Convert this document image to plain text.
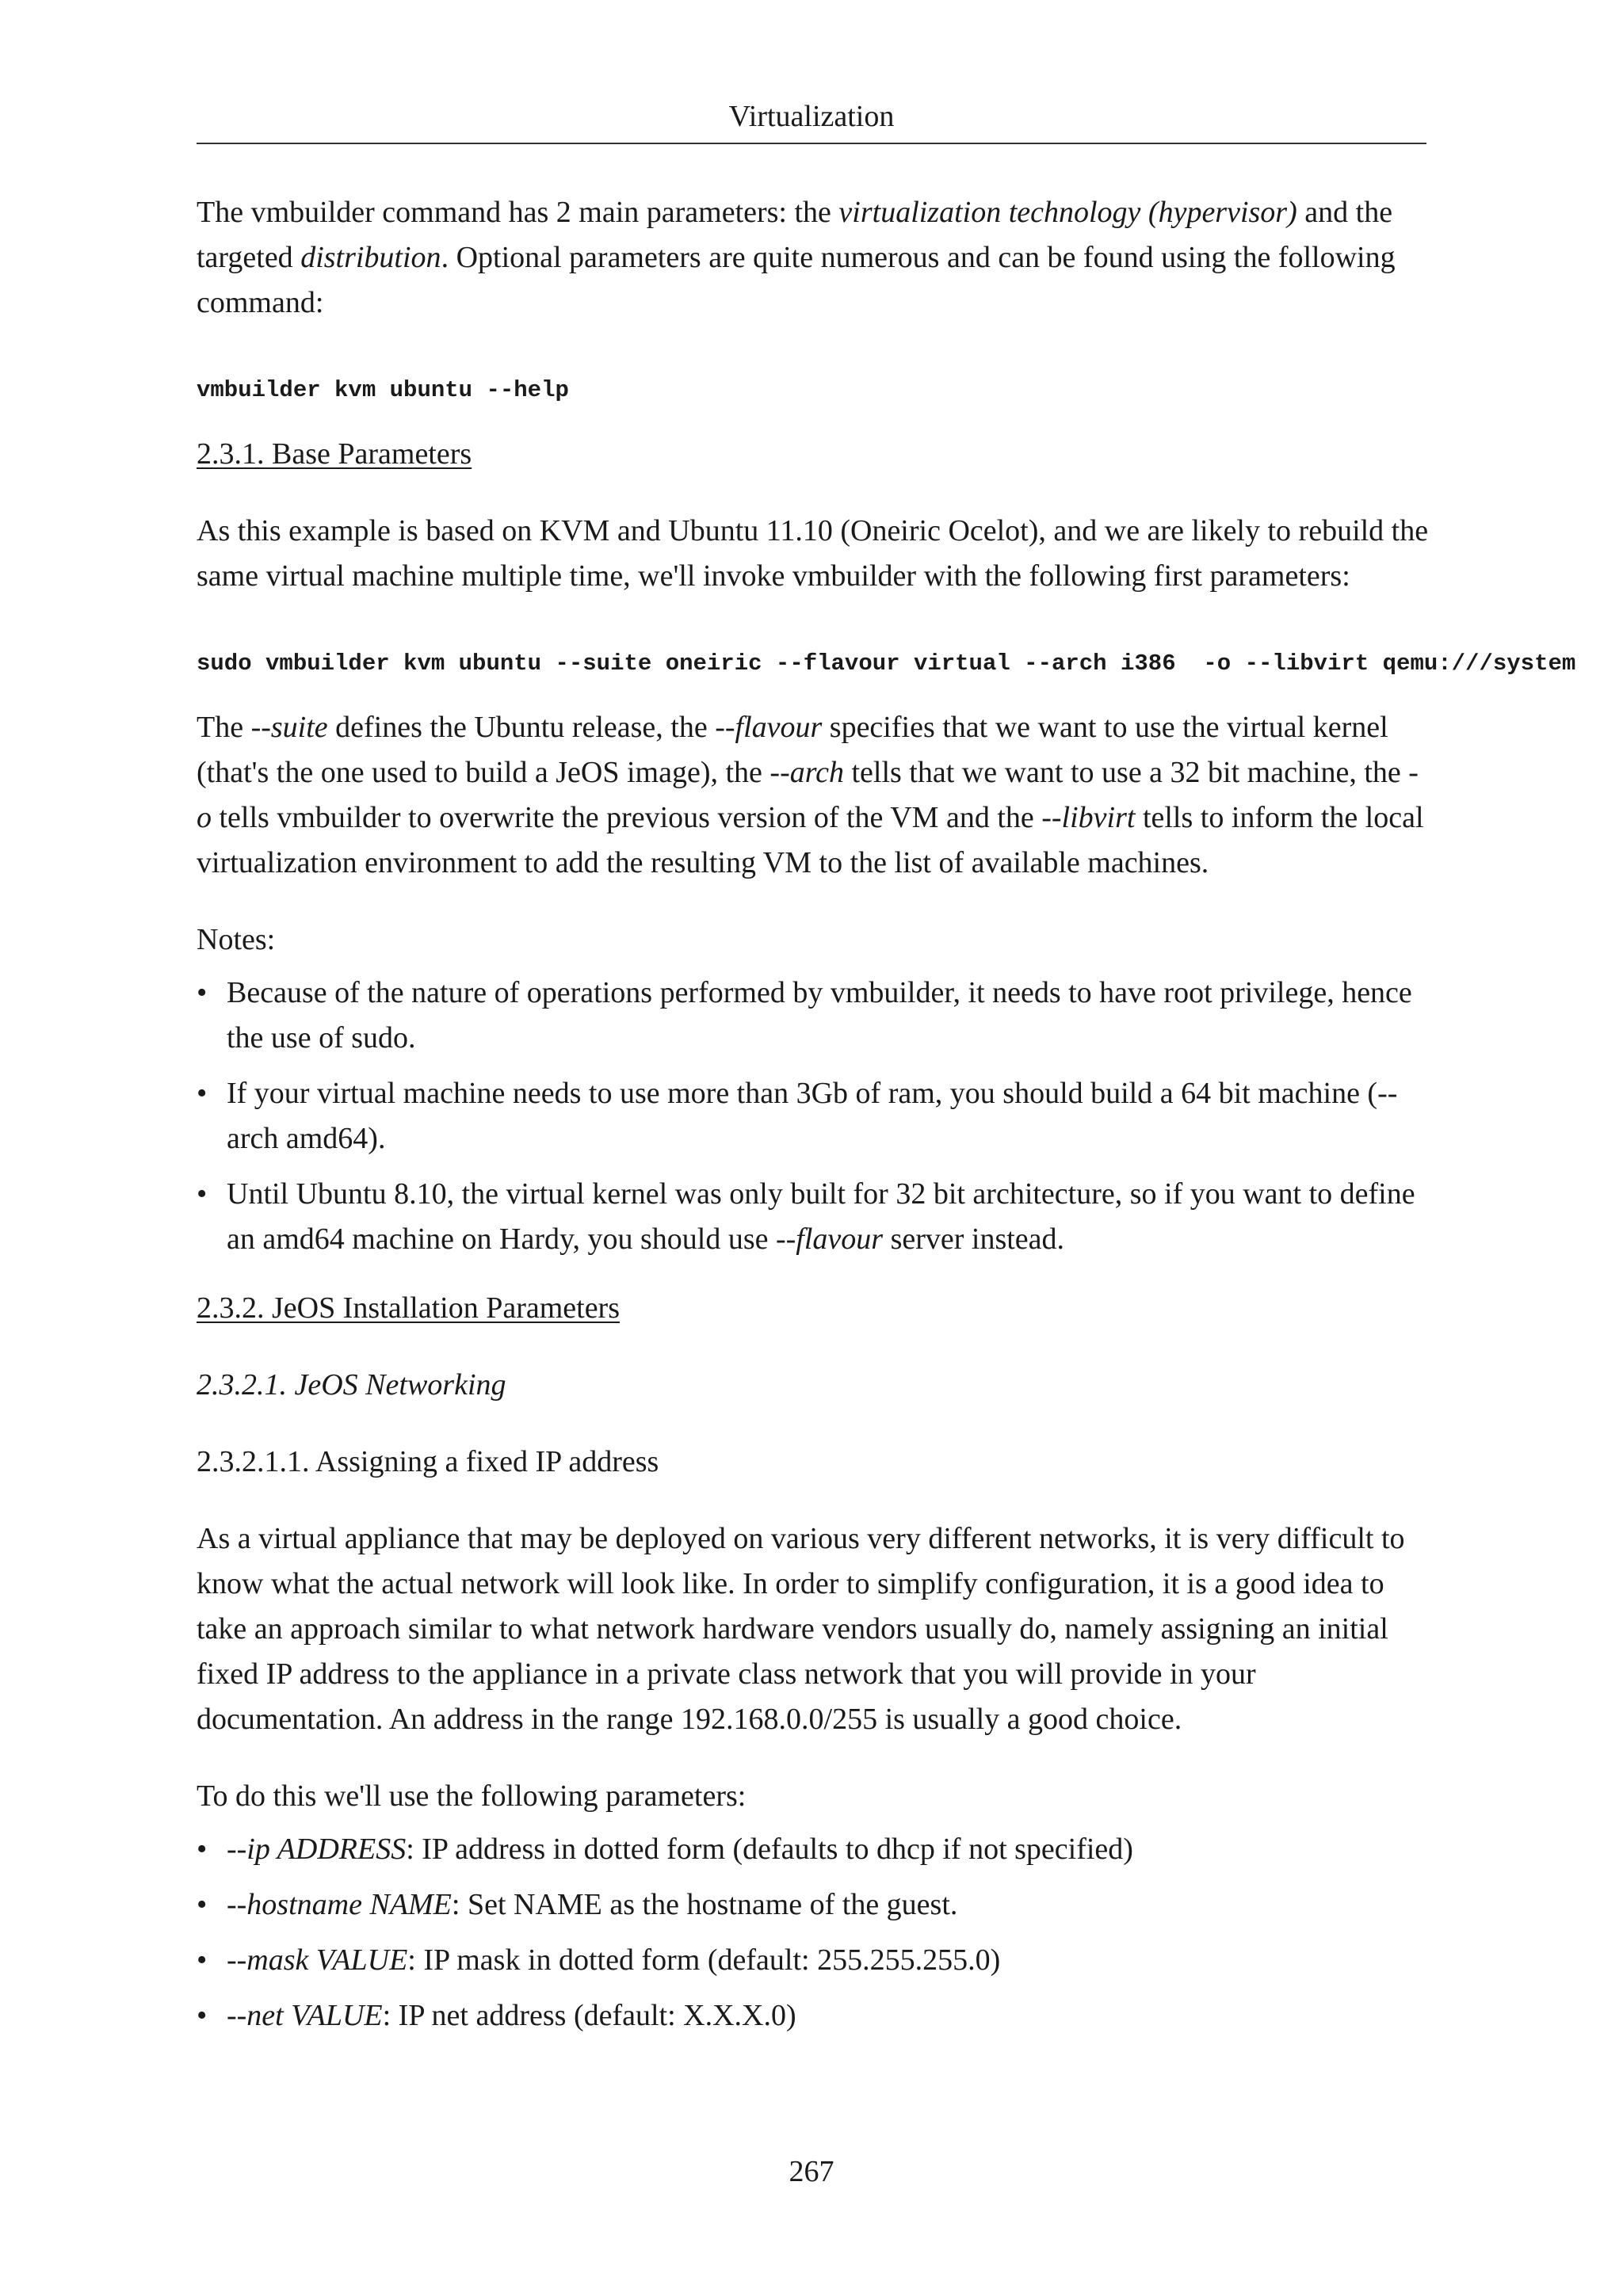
Virtualization

The vmbuilder command has 2 main parameters: the virtualization technology (hypervisor) and the targeted distribution. Optional parameters are quite numerous and can be found using the following command:

vmbuilder kvm ubuntu --help

2.3.1. Base Parameters

As this example is based on KVM and Ubuntu 11.10 (Oneiric Ocelot), and we are likely to rebuild the same virtual machine multiple time, we'll invoke vmbuilder with the following first parameters:

sudo vmbuilder kvm ubuntu --suite oneiric --flavour virtual --arch i386  -o --libvirt qemu:///system

The --suite defines the Ubuntu release, the --flavour specifies that we want to use the virtual kernel (that's the one used to build a JeOS image), the --arch tells that we want to use a 32 bit machine, the -o tells vmbuilder to overwrite the previous version of the VM and the --libvirt tells to inform the local virtualization environment to add the resulting VM to the list of available machines.

Notes:

• Because of the nature of operations performed by vmbuilder, it needs to have root privilege, hence the use of sudo.
• If your virtual machine needs to use more than 3Gb of ram, you should build a 64 bit machine (--arch amd64).
• Until Ubuntu 8.10, the virtual kernel was only built for 32 bit architecture, so if you want to define an amd64 machine on Hardy, you should use --flavour server instead.

2.3.2. JeOS Installation Parameters

2.3.2.1. JeOS Networking

2.3.2.1.1. Assigning a fixed IP address

As a virtual appliance that may be deployed on various very different networks, it is very difficult to know what the actual network will look like. In order to simplify configuration, it is a good idea to take an approach similar to what network hardware vendors usually do, namely assigning an initial fixed IP address to the appliance in a private class network that you will provide in your documentation. An address in the range 192.168.0.0/255 is usually a good choice.

To do this we'll use the following parameters:

• --ip ADDRESS: IP address in dotted form (defaults to dhcp if not specified)
• --hostname NAME: Set NAME as the hostname of the guest.
• --mask VALUE: IP mask in dotted form (default: 255.255.255.0)
• --net VALUE: IP net address (default: X.X.X.0)
267
